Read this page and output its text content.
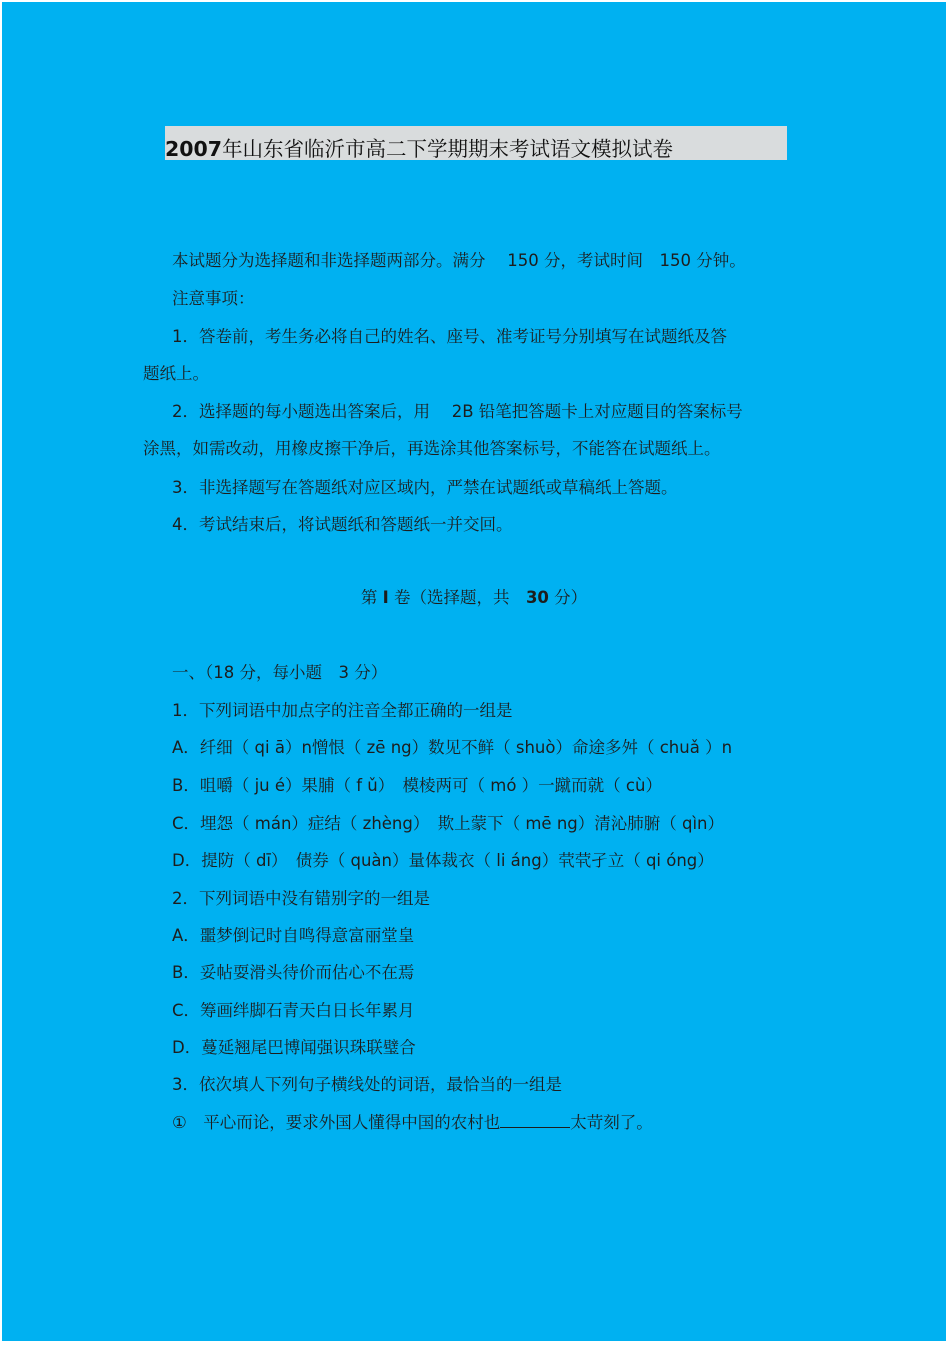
2007年山东省临沂市高二下学期期末考试语文模拟试卷
本试题分为选择题和非选择题两部分。满分　 150 分，考试时间　150 分钟。
注意事项：
1．答卷前，考生务必将自己的姓名、座号、准考证号分别填写在试题纸及答
题纸上。
2．选择题的每小题选出答案后，用　 2B 铅笔把答题卡上对应题目的答案标号
涂黑，如需改动，用橡皮擦干净后，再选涂其他答案标号，不能答在试题纸上。
3．非选择题写在答题纸对应区域内，严禁在试题纸或草稿纸上答题。
4．考试结束后，将试题纸和答题纸一并交回。
第 I 卷（选择题，共　30 分）
一、（18 分，每小题　3 分）
1．下列词语中加点字的注音全都正确的一组是
A．纤细（ qi ā）n憎恨（ zē ng）数见不鲜（ shuò）命途多舛（ chuǎ ）n
B．咀嚼（ ju é）果脯（ f ǔ）　模棱两可（ mó ）一蹴而就（ cù）
C．埋怨（ mán）症结（ zhèng）　欺上蒙下（ mē ng）清沁肺腑（ qìn）
D．提防（ dī）　债券（ quàn）量体裁衣（ li áng）茕茕孑立（ qi óng）
2．下列词语中没有错别字的一组是
A．噩梦倒记时自鸣得意富丽堂皇
B．妥帖耍滑头待价而估心不在焉
C．筹画绊脚石青天白日长年累月
D．蔓延翘尾巴博闻强识珠联璧合
3．依次填人下列句子横线处的词语，最恰当的一组是
①　平心而论，要求外国人懂得中国的农村也	太苛刻了。
